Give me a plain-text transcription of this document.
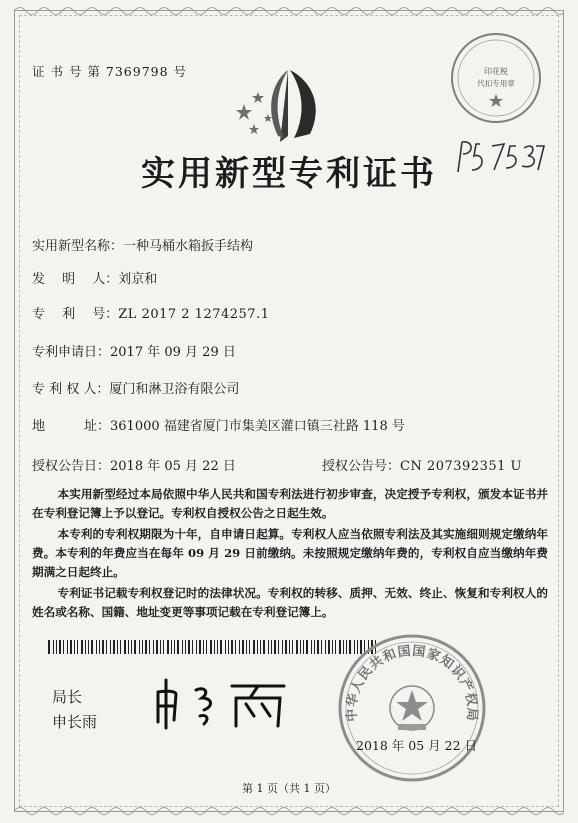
证 书 号 第 7369798 号	印花税
代扣专用章
实用新型专利证书
实用新型名称：一种马桶水箱扳手结构
发　 明　 人：刘京和
专　 利　 号：ZL 2017 2 1274257.1
专利申请日：2017 年 09 月 29 日
专 利 权 人：厦门和淋卫浴有限公司
地　　　址：361000 福建省厦门市集美区灌口镇三社路 118 号
授权公告日：2018 年 05 月 22 日	授权公告号：CN 207392351 U
本实用新型经过本局依照中华人民共和国专利法进行初步审查，决定授予专利权，颁发本证书并在专利登记簿上予以登记。专利权自授权公告之日起生效。
本专利的专利权期限为十年，自申请日起算。专利权人应当依照专利法及其实施细则规定缴纳年费。本专利的年费应当在每年 09 月 29 日前缴纳。未按照规定缴纳年费的，专利权自应当缴纳年费期满之日起终止。
专利证书记载专利权登记时的法律状况。专利权的转移、质押、无效、终止、恢复和专利权人的姓名或名称、国籍、地址变更等事项记载在专利登记簿上。
局长
申长雨	中华人民共和国国家知识产权局
2018 年 05 月 22 日
第 1 页（共 1 页）
